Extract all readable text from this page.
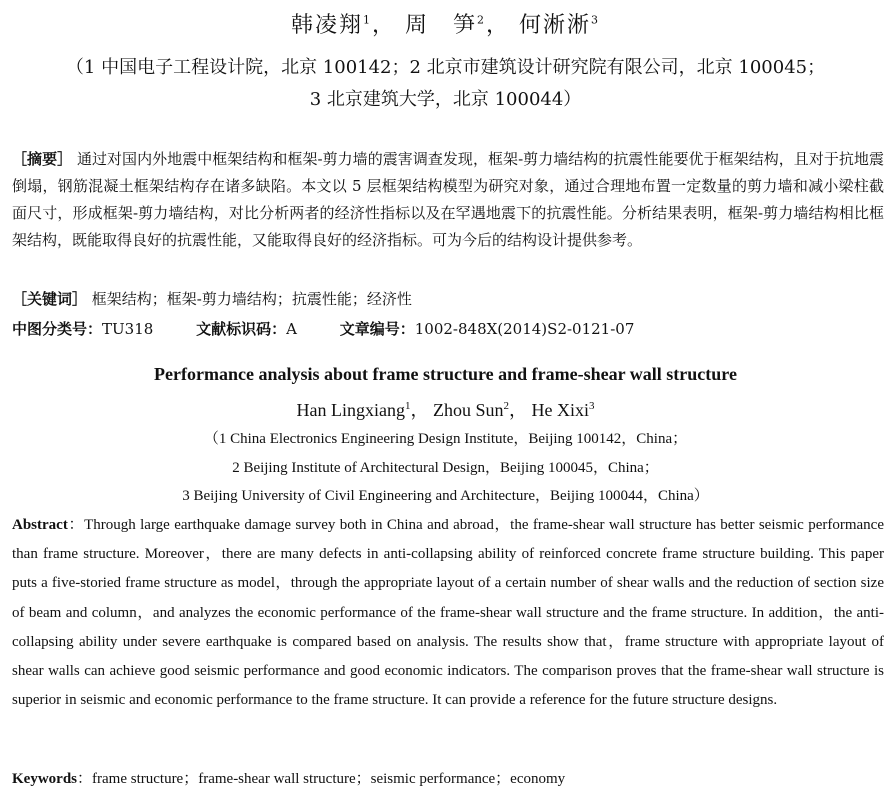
韩凌翔$^1$， 周　笋$^2$， 何淅淅$^3$
（1 中国电子工程设计院，北京 100142；2 北京市建筑设计研究院有限公司，北京 100045；
3 北京建筑大学，北京 100044）
［摘要］ 通过对国内外地震中框架结构和框架-剪力墙的震害调查发现，框架-剪力墙结构的抗震性能要优于框架结构，且对于抗地震倒塌，钢筋混凝土框架结构存在诸多缺陷。本文以 5 层框架结构模型为研究对象，通过合理地布置一定数量的剪力墙和减小梁柱截面尺寸，形成框架-剪力墙结构，对比分析两者的经济性指标以及在罕遇地震下的抗震性能。分析结果表明，框架-剪力墙结构相比框架结构，既能取得良好的抗震性能，又能取得良好的经济指标。可为今后的结构设计提供参考。
［关键词］ 框架结构；框架-剪力墙结构；抗震性能；经济性
中图分类号：TU318	文献标识码：A	文章编号：1002-848X(2014)S2-0121-07
Performance analysis about frame structure and frame-shear wall structure
Han Lingxiang$^1$， Zhou Sun$^2$， He Xixi$^3$
（1 China Electronics Engineering Design Institute，Beijing 100142，China；
2 Beijing Institute of Architectural Design，Beijing 100045，China；
3 Beijing University of Civil Engineering and Architecture，Beijing 100044，China）
Abstract：Through large earthquake damage survey both in China and abroad，the frame-shear wall structure has better seismic performance than frame structure. Moreover，there are many defects in anti-collapsing ability of reinforced concrete frame structure building. This paper puts a five-storied frame structure as model，through the appropriate layout of a certain number of shear walls and the reduction of section size of beam and column，and analyzes the economic performance of the frame-shear wall structure and the frame structure. In addition，the anti-collapsing ability under severe earthquake is compared based on analysis. The results show that，frame structure with appropriate layout of shear walls can achieve good seismic performance and good economic indicators. The comparison proves that the frame-shear wall structure is superior in seismic and economic performance to the frame structure. It can provide a reference for the future structure designs.
Keywords：frame structure；frame-shear wall structure；seismic performance；economy
